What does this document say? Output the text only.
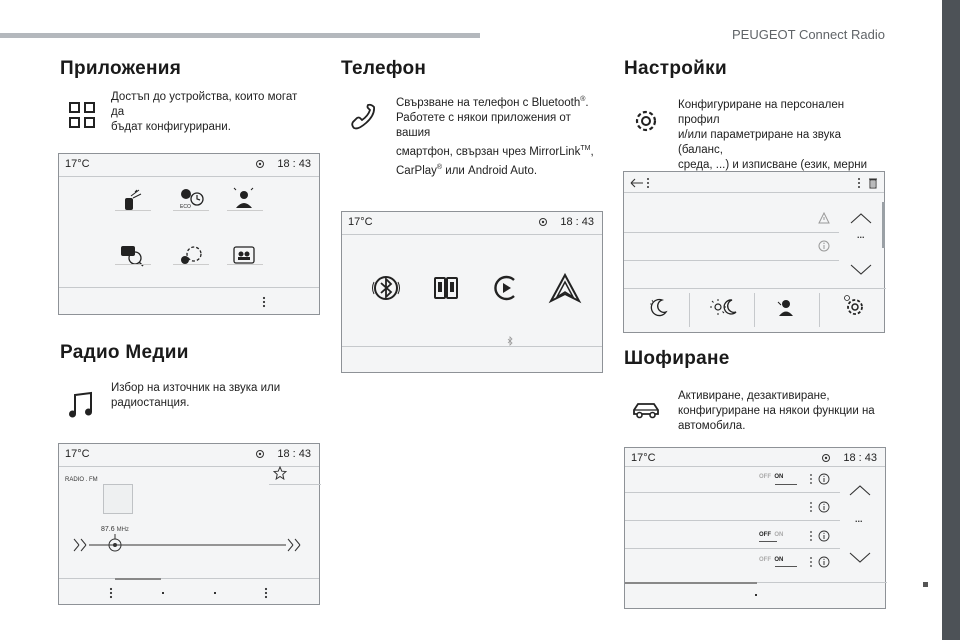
PEUGEOT Connect Radio
Приложения
Достъп до устройства, които могат да
бъдат конфигурирани.
17°C	18 : 43
ECO
Радио Медии
Избор на източник на звука или
радиостанция.
17°C	18 : 43
RADIO . FM
87.6 MHz
Телефон
Свързване на телефон с Bluetooth®.
Работете с някои приложения от вашия
смартфон, свързан чрез MirrorLink™,
CarPlay® или Android Auto.
17°C	18 : 43
Настройки
Конфигуриране на персонален профил
и/или параметриране на звука (баланс,
среда, ...) и изписване (език, мерни
...
Шофиране
Активиране, дезактивиране,
конфигуриране на някои функции на
автомобила.
17°C	18 : 43
OFF ON
OFF ON
OFF ON
...
